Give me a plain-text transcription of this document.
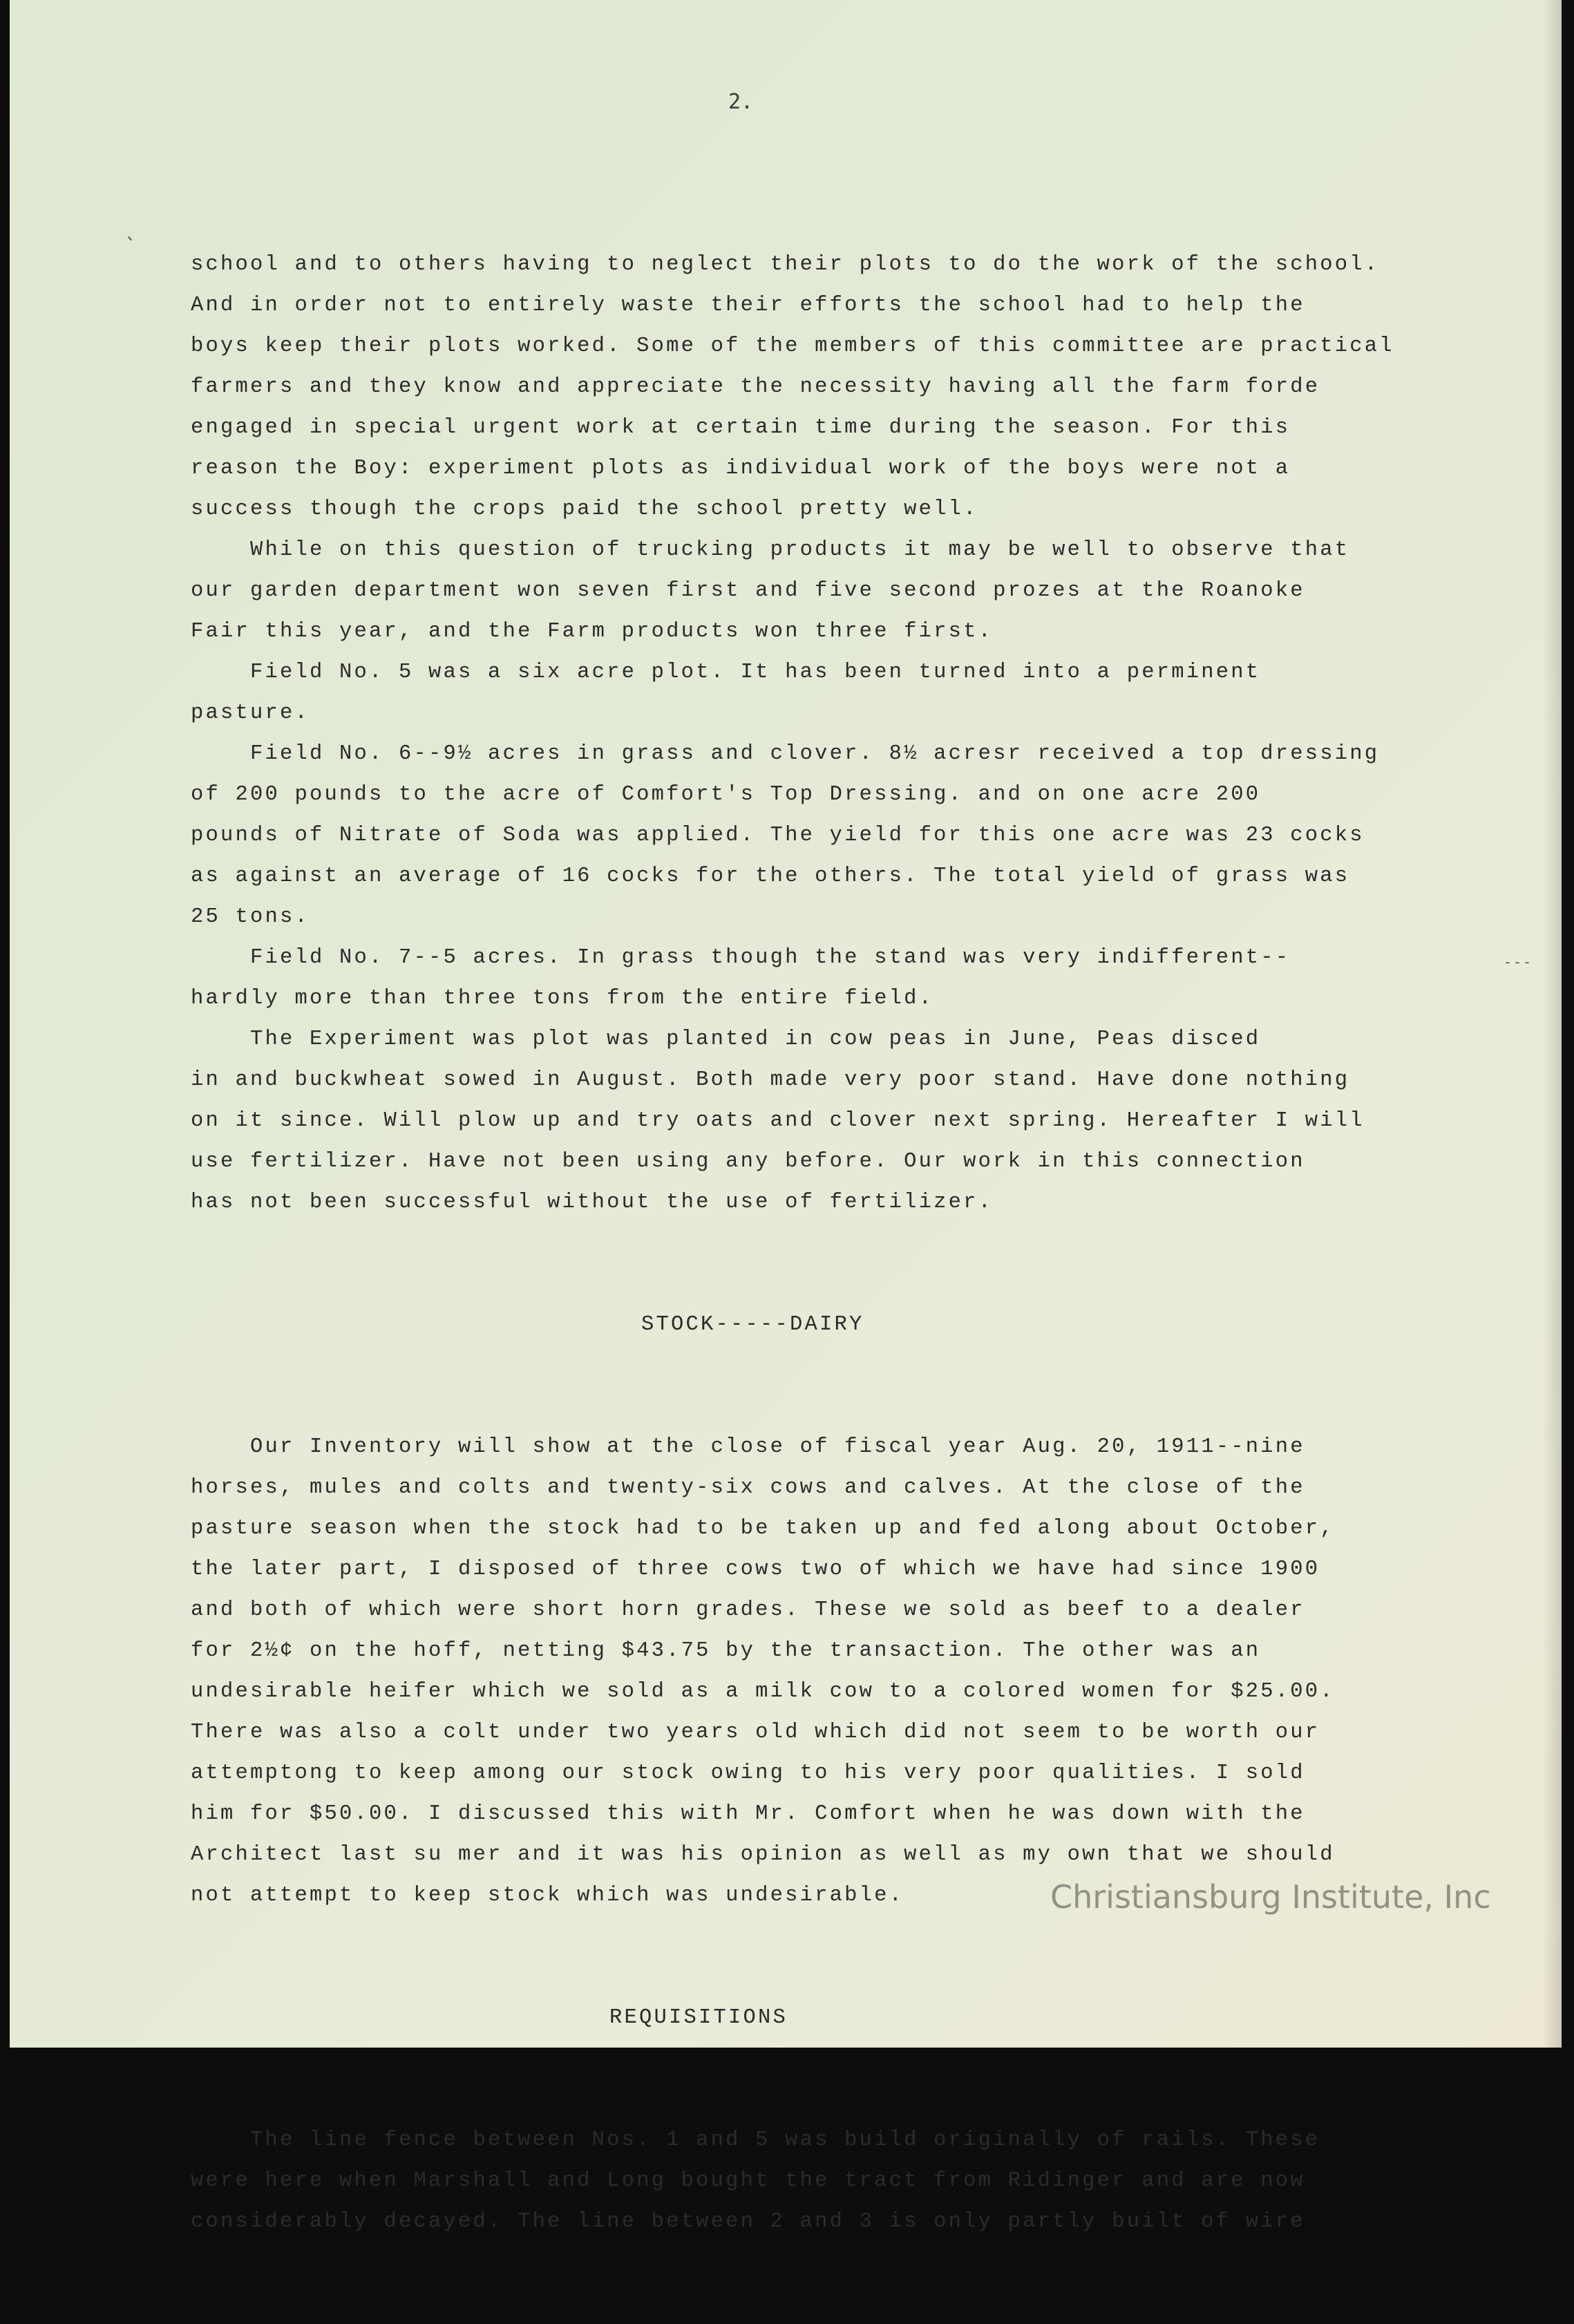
2.
ˎ
---

school and to others having to neglect their plots to do the work of the school.
And in order not to entirely waste their efforts the school had to help the
boys keep their plots worked. Some of the members of this committee are practical
farmers and they know and appreciate the necessity having all the farm forde
engaged in special urgent work at certain time during the season. For this
reason the Boy: experiment plots as individual work of the boys were not a
success though the crops paid the school pretty well.
While on this question of trucking products it may be well to observe that
our garden department won seven first and five second prozes at the Roanoke
Fair this year, and the Farm products won three first.
Field No. 5 was a six acre plot. It has been turned into a perminent
pasture.
Field No. 6--9½ acres in grass and clover. 8½ acresr received a top dressing
of 200 pounds to the acre of Comfort's Top Dressing. and on one acre 200
pounds of Nitrate of Soda was applied. The yield for this one acre was 23 cocks
as against an average of 16 cocks for the others. The total yield of grass was
25 tons.
Field No. 7--5 acres. In grass though the stand was very indifferent--
hardly more than three tons from the entire field.
The Experiment was plot was planted in cow peas in June, Peas disced
in and buckwheat sowed in August. Both made very poor stand. Have done nothing
on it since. Will plow up and try oats and clover next spring. Hereafter I will
use fertilizer. Have not been using any before. Our work in this connection
has not been successful without the use of fertilizer.

STOCK-----DAIRY

Our Inventory will show at the close of fiscal year Aug. 20, 1911--nine
horses, mules and colts and twenty-six cows and calves. At the close of the
pasture season when the stock had to be taken up and fed along about October,
the later part, I disposed of three cows two of which we have had since 1900
and both of which were short horn grades. These we sold as beef to a dealer
for 2½¢ on the hoff, netting $43.75 by the transaction. The other was an
undesirable heifer which we sold as a milk cow to a colored women for $25.00.
There was also a colt under two years old which did not seem to be worth our
attemptong to keep among our stock owing to his very poor qualities. I sold
him for $50.00. I discussed this with Mr. Comfort when he was down with the
Architect last su mer and it was his opinion as well as my own that we should
not attempt to keep stock which was undesirable.

REQUISITIONS

The line fence between Nos. 1 and 5 was build originally of rails. These
were here when Marshall and Long bought the tract from Ridinger and are now
considerably decayed. The line between 2 and 3 is only partly built of wire

Christiansburg Institute, Inc
